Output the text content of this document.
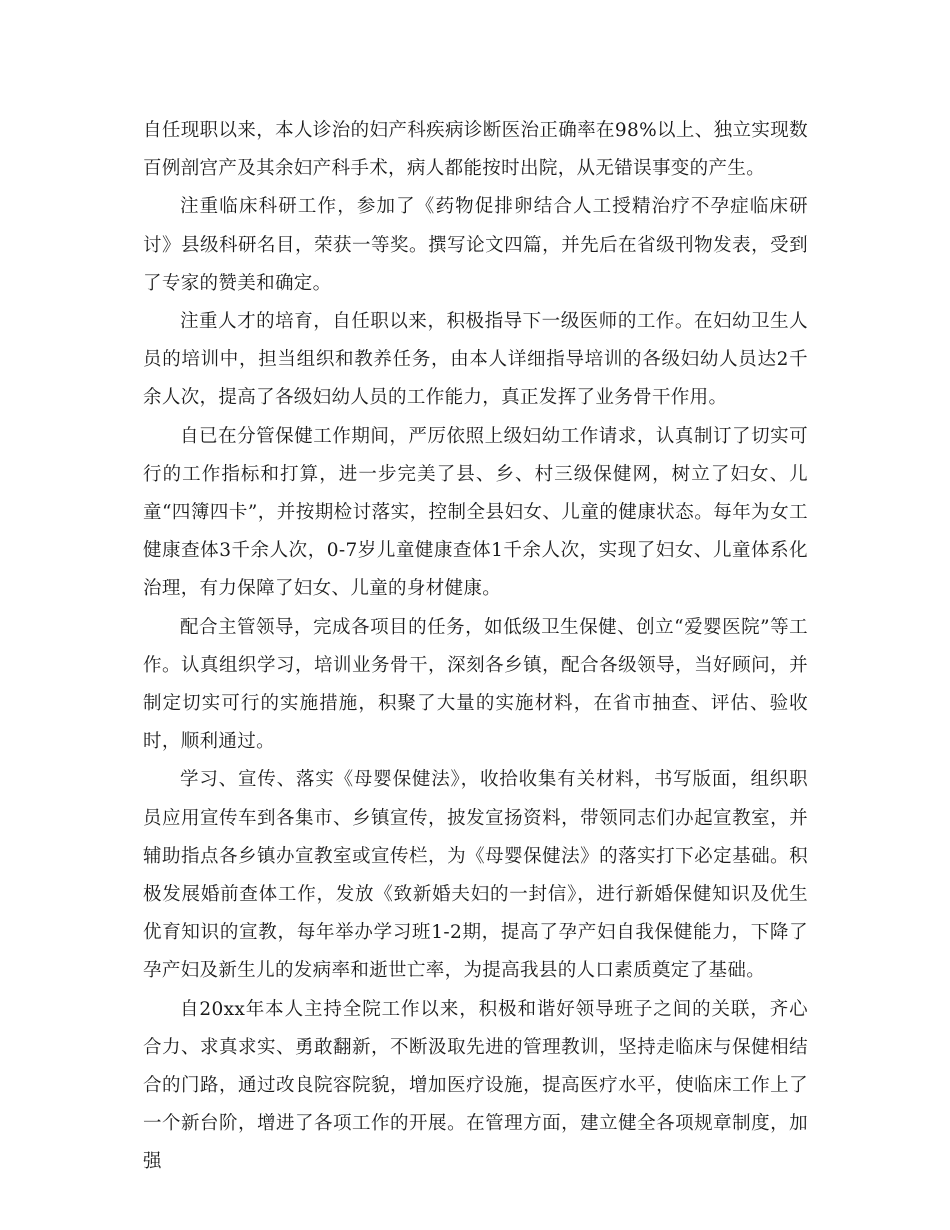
自任现职以来，本人诊治的妇产科疾病诊断医治正确率在98%以上、独立实现数百例剖宫产及其余妇产科手术，病人都能按时出院，从无错误事变的产生。

注重临床科研工作，参加了《药物促排卵结合人工授精治疗不孕症临床研讨》县级科研名目，荣获一等奖。撰写论文四篇，并先后在省级刊物发表，受到了专家的赞美和确定。

注重人才的培育，自任职以来，积极指导下一级医师的工作。在妇幼卫生人员的培训中，担当组织和教养任务，由本人详细指导培训的各级妇幼人员达2千余人次，提高了各级妇幼人员的工作能力，真正发挥了业务骨干作用。

自已在分管保健工作期间，严厉依照上级妇幼工作请求，认真制订了切实可行的工作指标和打算，进一步完美了县、乡、村三级保健网，树立了妇女、儿童“四簿四卡”，并按期检讨落实，控制全县妇女、儿童的健康状态。每年为女工健康查体3千余人次，0-7岁儿童健康查体1千余人次，实现了妇女、儿童体系化治理，有力保障了妇女、儿童的身材健康。

配合主管领导，完成各项目的任务，如低级卫生保健、创立“爱婴医院”等工作。认真组织学习，培训业务骨干，深刻各乡镇，配合各级领导，当好顾问，并制定切实可行的实施措施，积聚了大量的实施材料，在省市抽查、评估、验收时，顺利通过。

学习、宣传、落实《母婴保健法》，收拾收集有关材料，书写版面，组织职员应用宣传车到各集市、乡镇宣传，披发宣扬资料，带领同志们办起宣教室，并辅助指点各乡镇办宣教室或宣传栏，为《母婴保健法》的落实打下必定基础。积极发展婚前查体工作，发放《致新婚夫妇的一封信》，进行新婚保健知识及优生优育知识的宣教，每年举办学习班1-2期，提高了孕产妇自我保健能力，下降了孕产妇及新生儿的发病率和逝世亡率，为提高我县的人口素质奠定了基础。

自20xx年本人主持全院工作以来，积极和谐好领导班子之间的关联，齐心合力、求真求实、勇敢翻新，不断汲取先进的管理教训，坚持走临床与保健相结合的门路，通过改良院容院貌，增加医疗设施，提高医疗水平，使临床工作上了一个新台阶，增进了各项工作的开展。在管理方面，建立健全各项规章制度，加强
